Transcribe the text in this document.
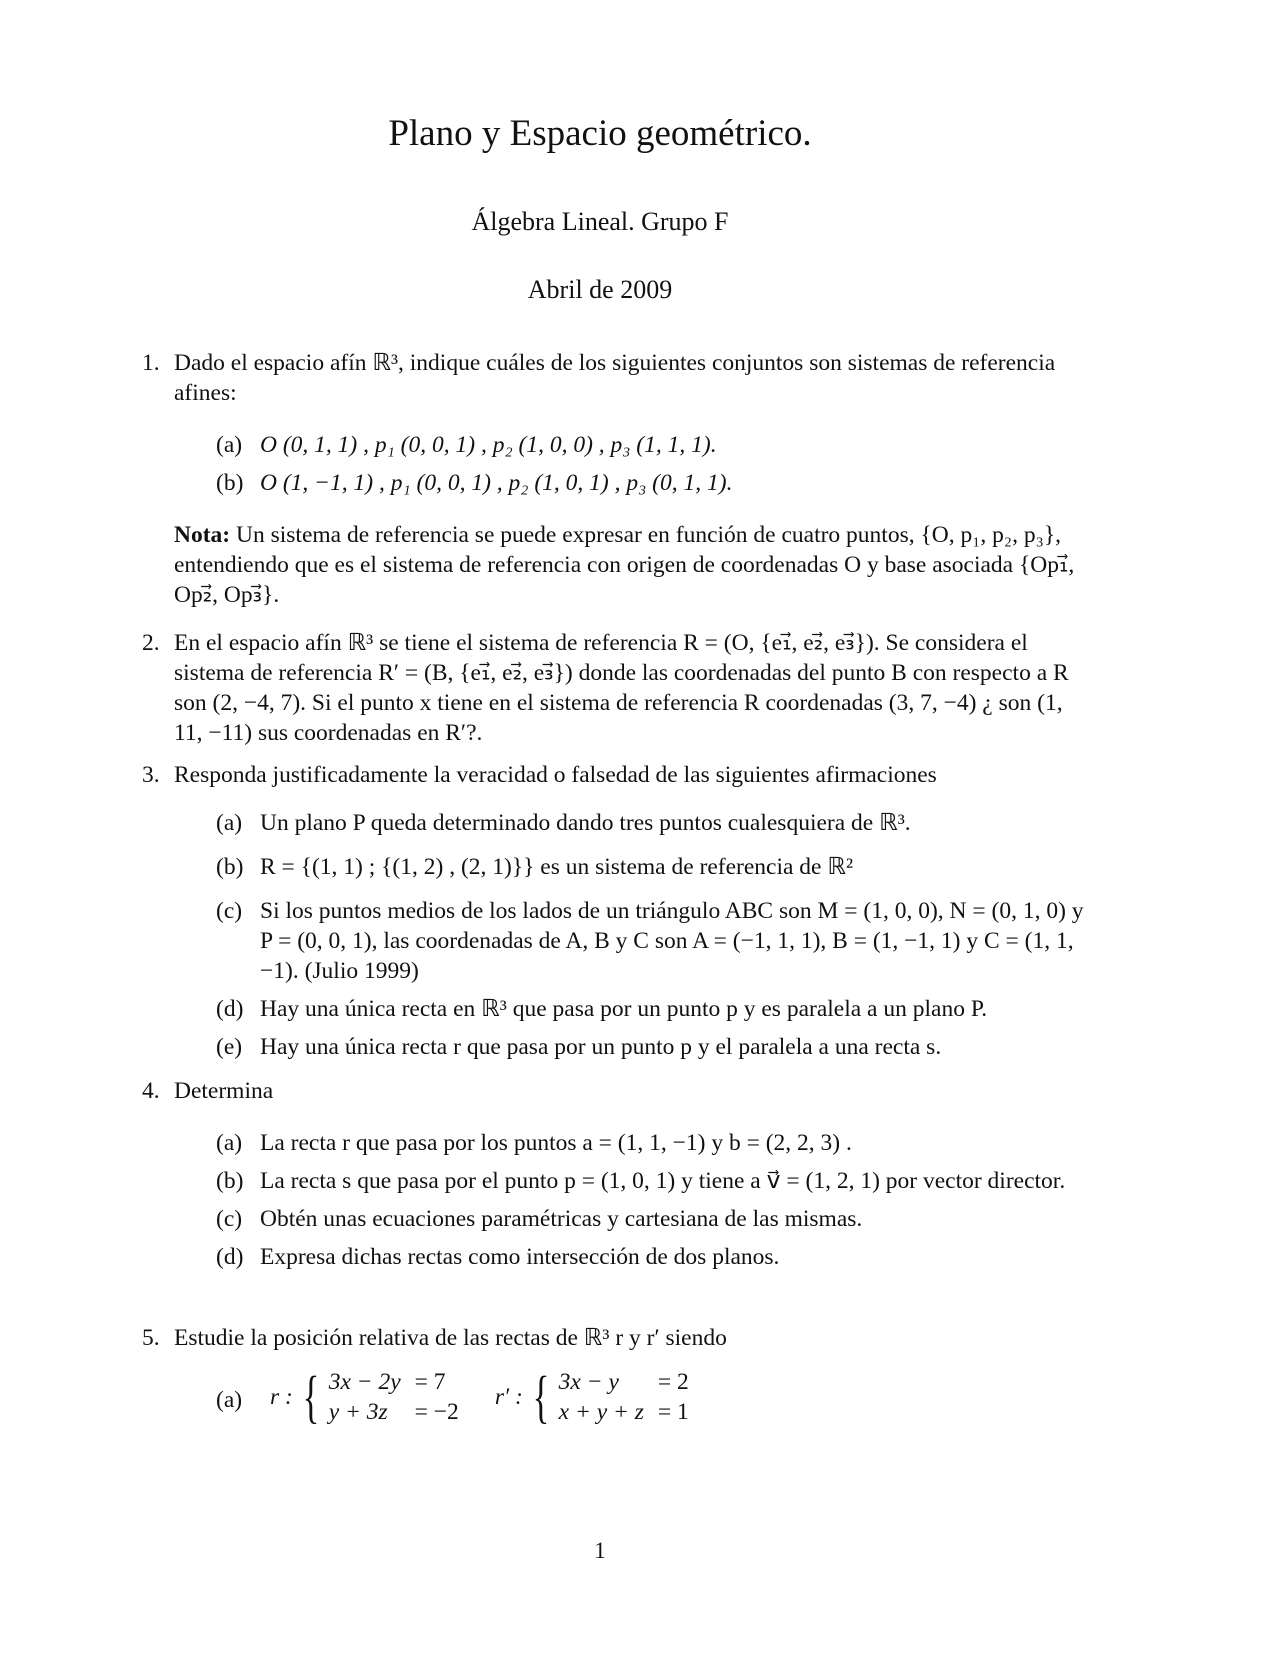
Plano y Espacio geométrico.
Álgebra Lineal. Grupo F
Abril de 2009
1. Dado el espacio afín ℝ³, indique cuáles de los siguientes conjuntos son sistemas de referencia afines:
(a) O (0, 1, 1) , p₁ (0, 0, 1) , p₂ (1, 0, 0) , p₃ (1, 1, 1).
(b) O (1, −1, 1) , p₁ (0, 0, 1) , p₂ (1, 0, 1) , p₃ (0, 1, 1).
Nota: Un sistema de referencia se puede expresar en función de cuatro puntos, {O, p₁, p₂, p₃}, entendiendo que es el sistema de referencia con origen de coordenadas O y base asociada {Op₁⃗, Op₂⃗, Op₃⃗}.
2. En el espacio afín ℝ³ se tiene el sistema de referencia R = (O, {e₁⃗, e₂⃗, e₃⃗}). Se considera el sistema de referencia R′ = (B, {e₁⃗, e₂⃗, e₃⃗}) donde las coordenadas del punto B con respecto a R son (2, −4, 7). Si el punto x tiene en el sistema de referencia R coordenadas (3, 7, −4) ¿ son (1, 11, −11) sus coordenadas en R′?.
3. Responda justificadamente la veracidad o falsedad de las siguientes afirmaciones
(a) Un plano P queda determinado dando tres puntos cualesquiera de ℝ³.
(b) R = {(1, 1) ; {(1, 2) , (2, 1)}} es un sistema de referencia de ℝ²
(c) Si los puntos medios de los lados de un triángulo ABC son M = (1, 0, 0), N = (0, 1, 0) y P = (0, 0, 1), las coordenadas de A, B y C son A = (−1, 1, 1), B = (1, −1, 1) y C = (1, 1, −1). (Julio 1999)
(d) Hay una única recta en ℝ³ que pasa por un punto p y es paralela a un plano P.
(e) Hay una única recta r que pasa por un punto p y el paralela a una recta s.
4. Determina
(a) La recta r que pasa por los puntos a = (1, 1, −1) y b = (2, 2, 3) .
(b) La recta s que pasa por el punto p = (1, 0, 1) y tiene a v⃗ = (1, 2, 1) por vector director.
(c) Obtén unas ecuaciones paramétricas y cartesiana de las mismas.
(d) Expresa dichas rectas como intersección de dos planos.
5. Estudie la posición relativa de las rectas de ℝ³ r y r′ siendo
(a) r : { 3x − 2y = 7
y + 3z	= −2
r′ : { 3x − y	= 2
x + y + z = 1
1
